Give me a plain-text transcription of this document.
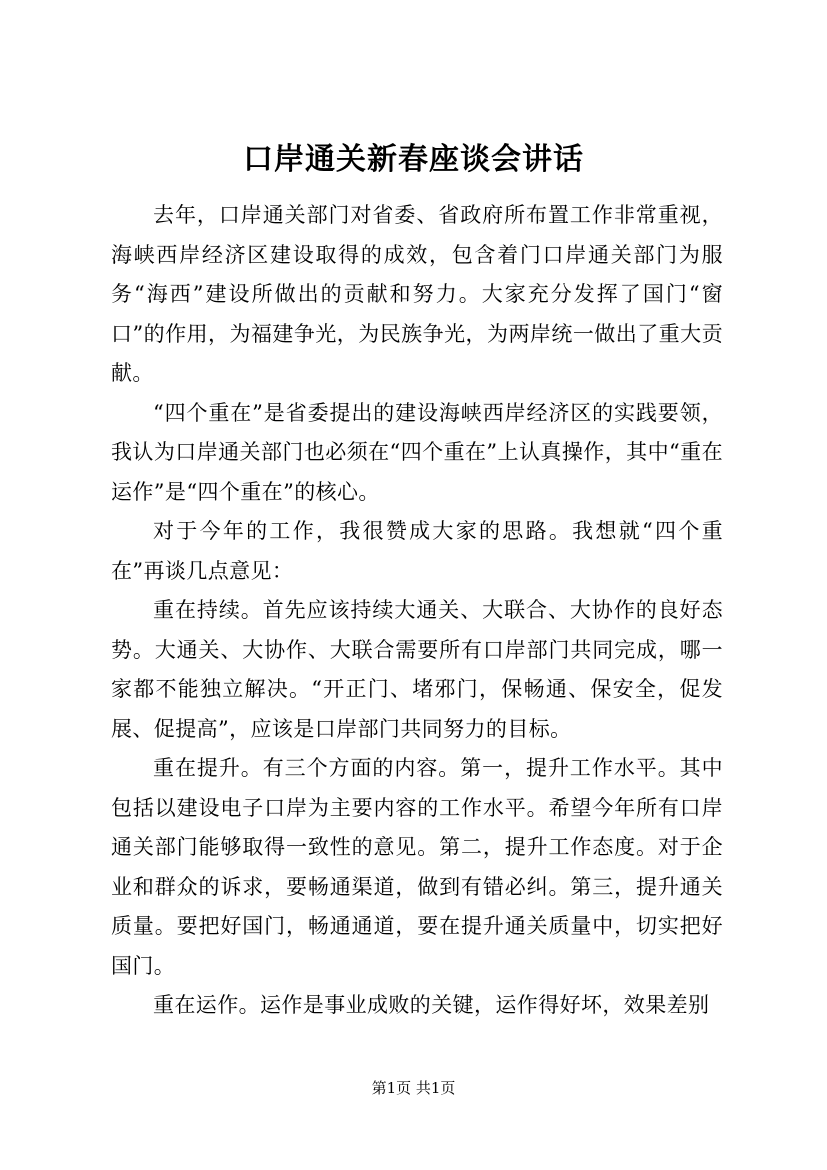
口岸通关新春座谈会讲话

去年，口岸通关部门对省委、省政府所布置工作非常重视，海峡西岸经济区建设取得的成效，包含着门口岸通关部门为服务“海西”建设所做出的贡献和努力。大家充分发挥了国门“窗口”的作用，为福建争光，为民族争光，为两岸统一做出了重大贡献。

“四个重在”是省委提出的建设海峡西岸经济区的实践要领，我认为口岸通关部门也必须在“四个重在”上认真操作，其中“重在运作”是“四个重在”的核心。

对于今年的工作，我很赞成大家的思路。我想就“四个重在”再谈几点意见：

重在持续。首先应该持续大通关、大联合、大协作的良好态势。大通关、大协作、大联合需要所有口岸部门共同完成，哪一家都不能独立解决。“开正门、堵邪门，保畅通、保安全，促发展、促提高”，应该是口岸部门共同努力的目标。

重在提升。有三个方面的内容。第一，提升工作水平。其中包括以建设电子口岸为主要内容的工作水平。希望今年所有口岸通关部门能够取得一致性的意见。第二，提升工作态度。对于企业和群众的诉求，要畅通渠道，做到有错必纠。第三，提升通关质量。要把好国门，畅通通道，要在提升通关质量中，切实把好国门。

重在运作。运作是事业成败的关键，运作得好坏，效果差别

第1页 共1页
